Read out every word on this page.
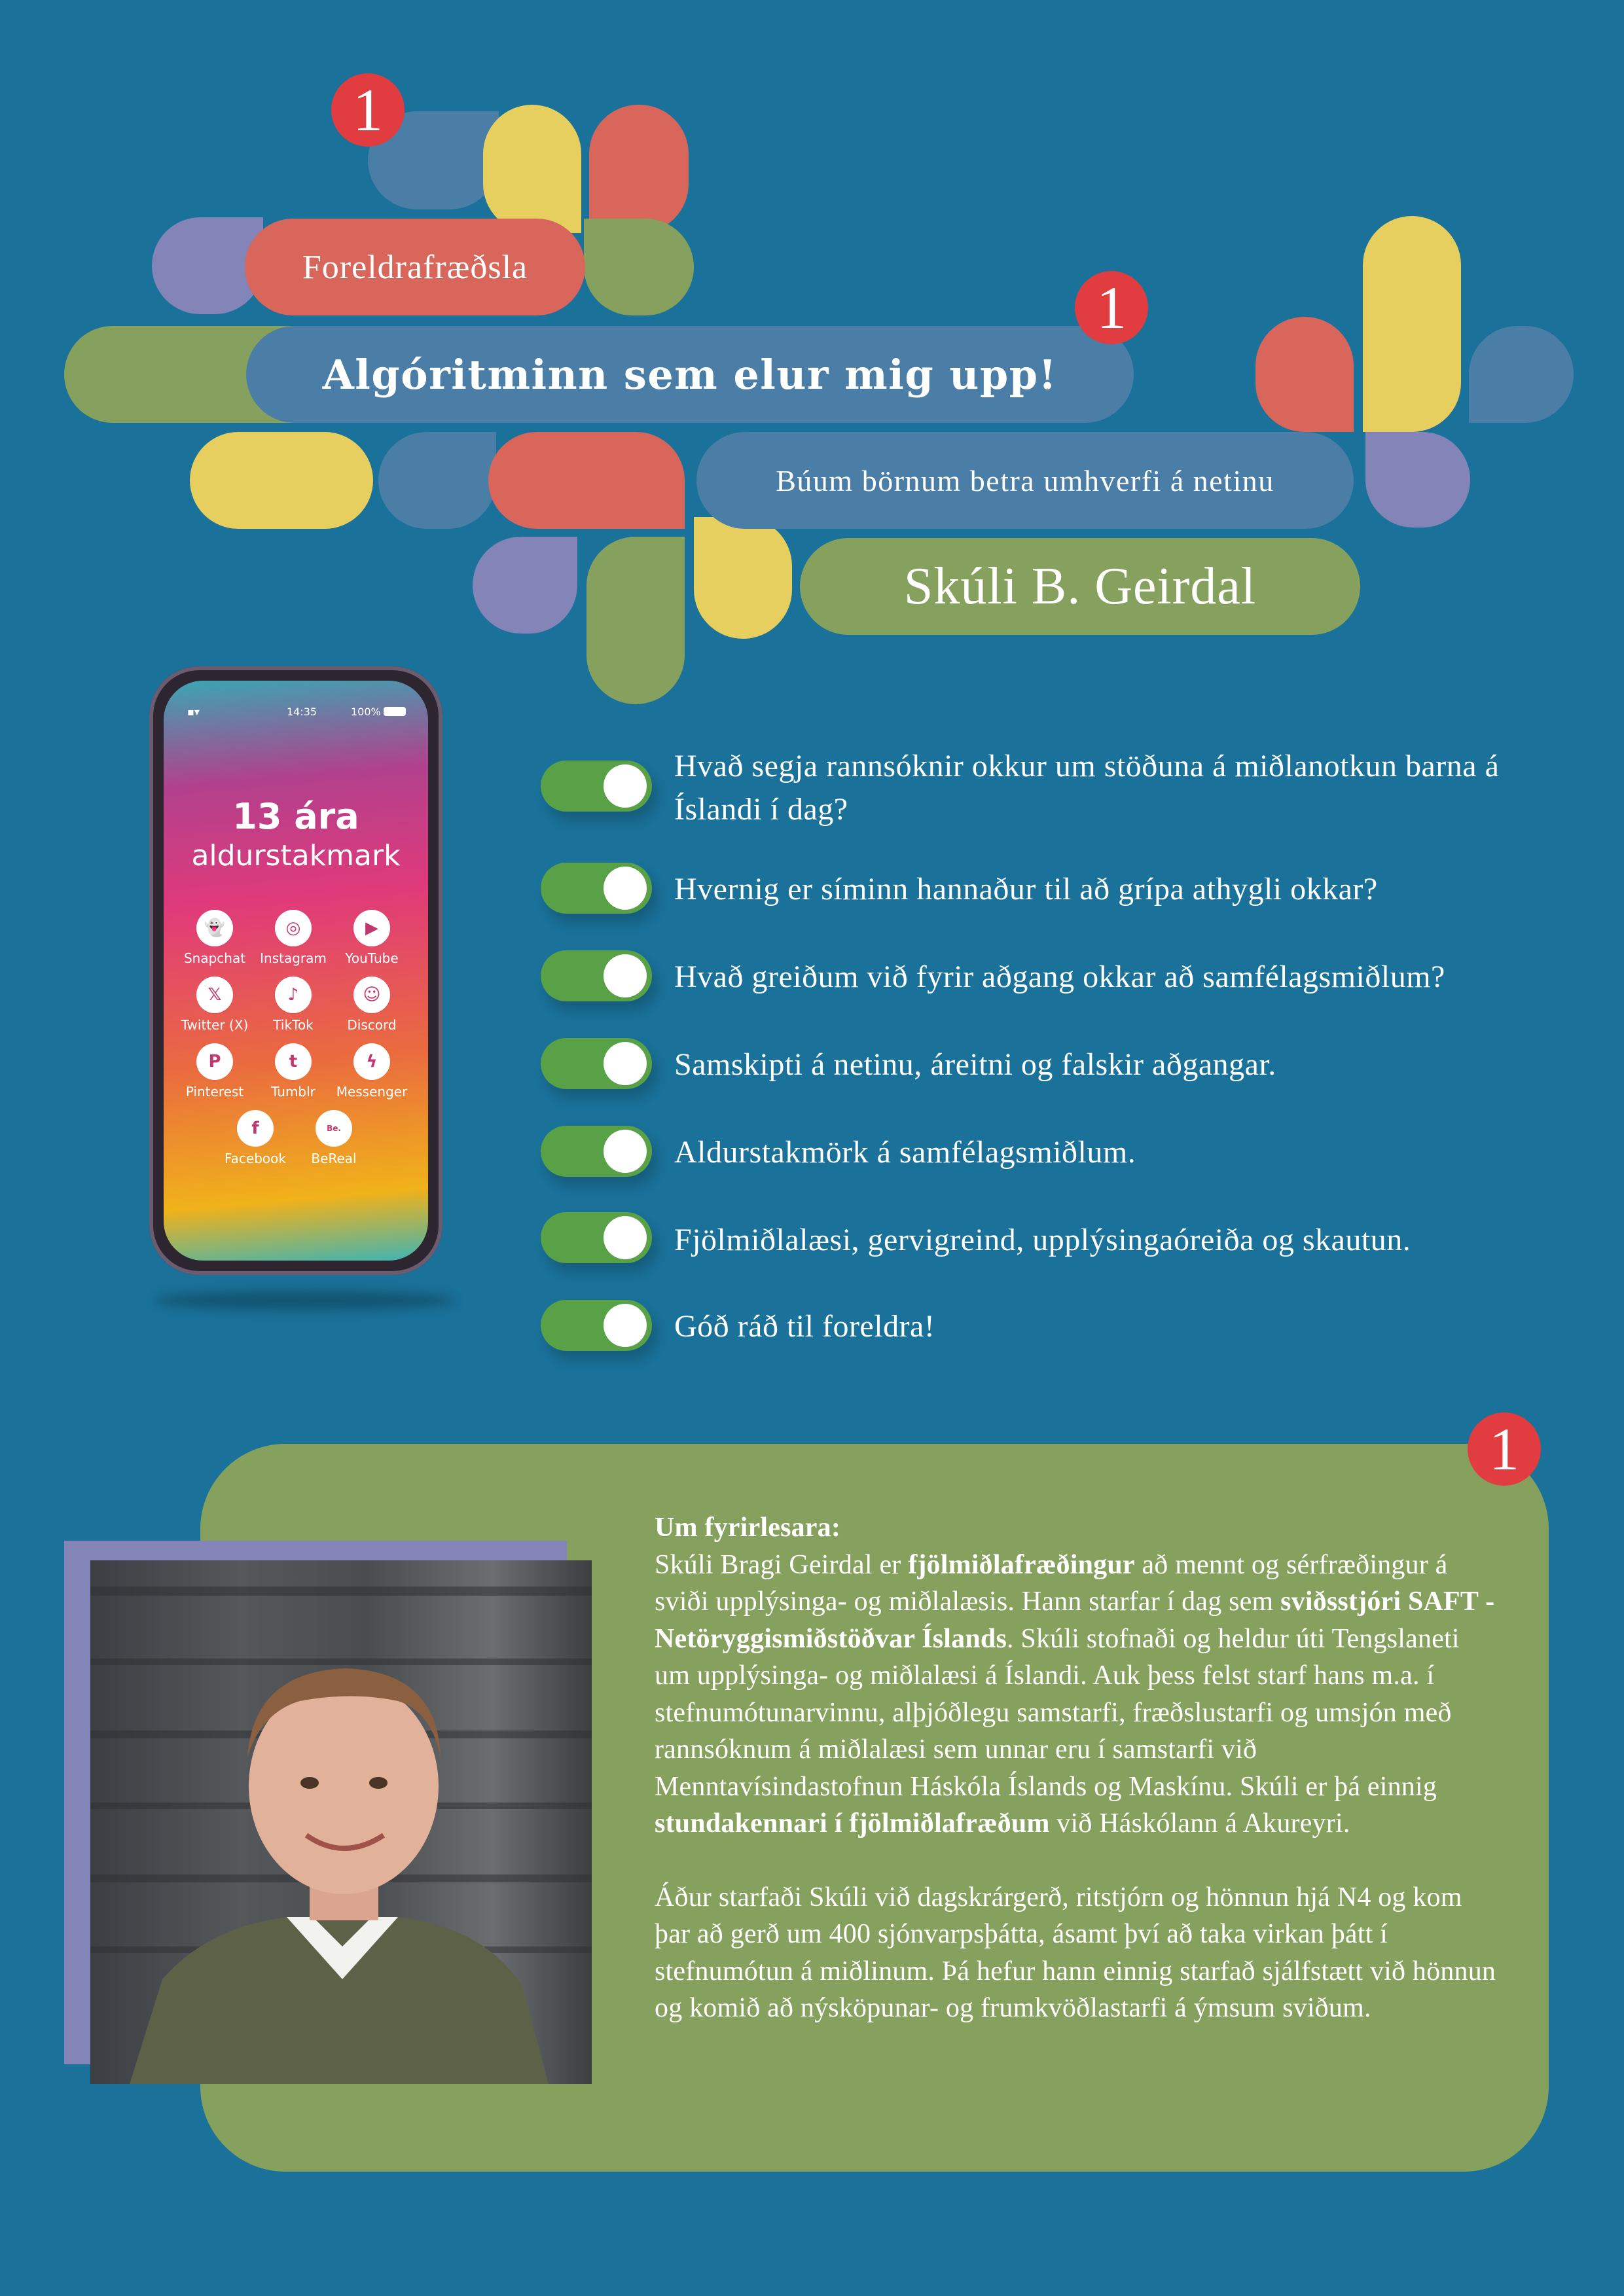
Foreldrafræðsla
Algóritminn sem elur mig upp!
Búum börnum betra umhverfi á netinu
Skúli B. Geirdal
1
1
▪▾	14:35	100%
13 ára
aldurstakmark
👻
Snapchat
◎
Instagram
▶
YouTube
𝕏
Twitter (X)
♪
TikTok
☺
Discord
P
Pinterest
t
Tumblr
ϟ
Messenger
f
Facebook
Be.
BeReal
Hvað segja rannsóknir okkur um stöðuna á miðlanotkun barna á Íslandi í dag?
Hvernig er síminn hannaður til að grípa athygli okkar?
Hvað greiðum við fyrir aðgang okkar að samfélagsmiðlum?
Samskipti á netinu, áreitni og falskir aðgangar.
Aldurstakmörk á samfélagsmiðlum.
Fjölmiðlalæsi, gervigreind, upplýsingaóreiða og skautun.
Góð ráð til foreldra!
1

Um fyrirlesara:

Skúli Bragi Geirdal er fjölmiðlafræðingur að mennt og sérfræðingur á sviði upplýsinga- og miðlalæsis. Hann starfar í dag sem sviðsstjóri SAFT - Netöryggismiðstöðvar Íslands. Skúli stofnaði og heldur úti Tengslaneti um upplýsinga- og miðlalæsi á Íslandi. Auk þess felst starf hans m.a. í stefnumótunarvinnu, alþjóðlegu samstarfi, fræðslustarfi og umsjón með rannsóknum á miðlalæsi sem unnar eru í samstarfi við Menntavísindastofnun Háskóla Íslands og Maskínu. Skúli er þá einnig stundakennari í fjölmiðlafræðum við Háskólann á Akureyri.

Áður starfaði Skúli við dagskrárgerð, ritstjórn og hönnun hjá N4 og kom þar að gerð um 400 sjónvarpsþátta, ásamt því að taka virkan þátt í stefnumótun á miðlinum. Þá hefur hann einnig starfað sjálfstætt við hönnun og komið að nýsköpunar- og frumkvöðlastarfi á ýmsum sviðum.
